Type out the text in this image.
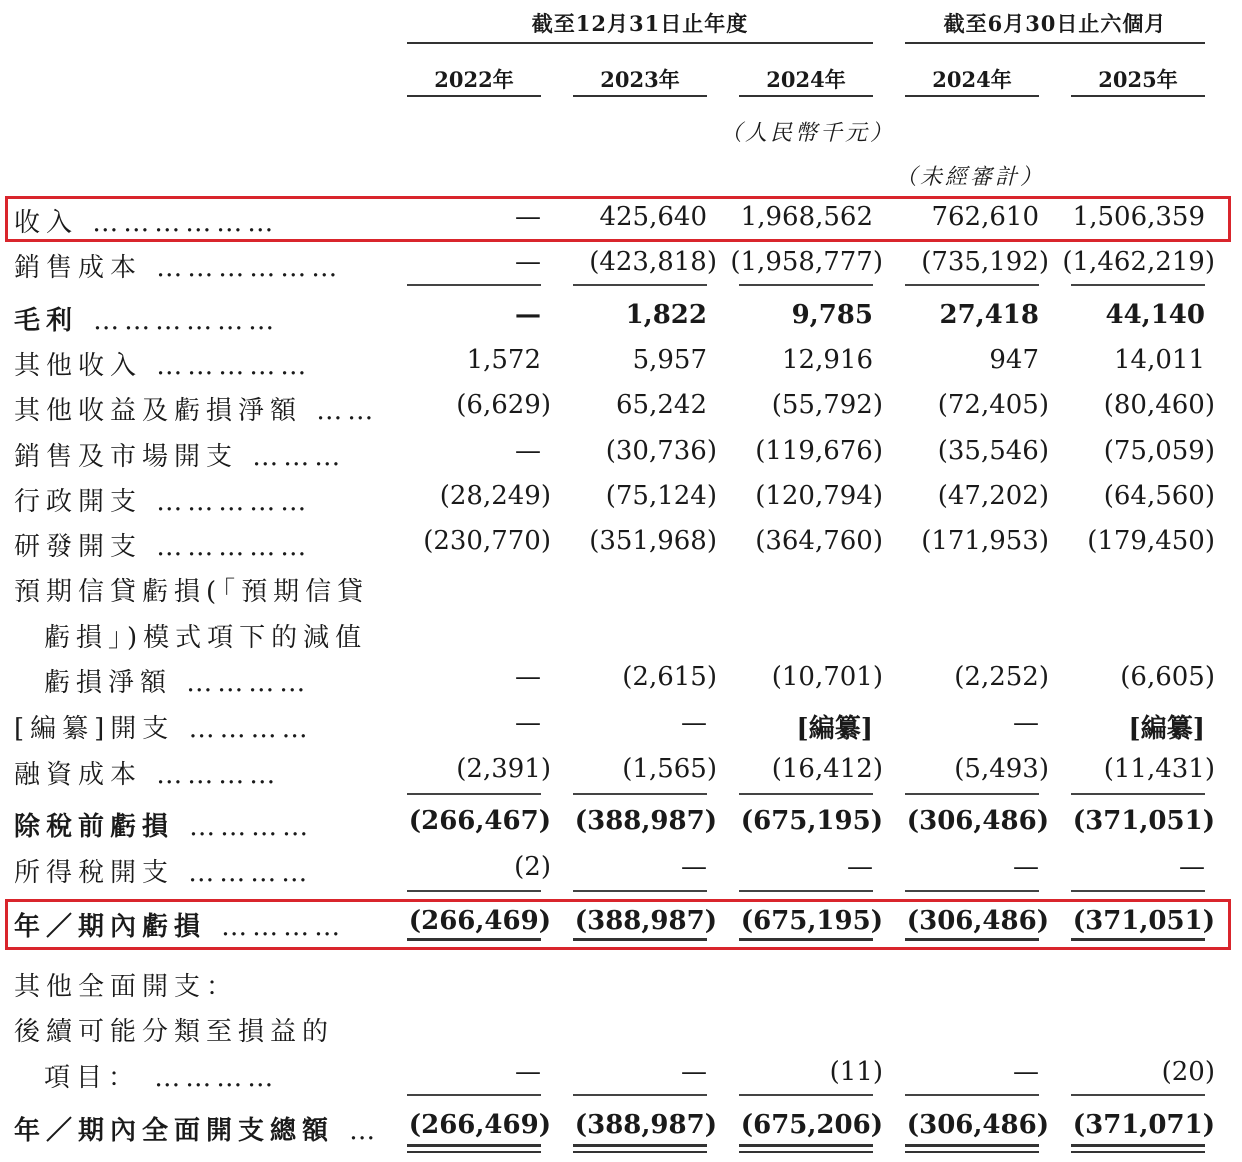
截至12月31日止年度	截至6月30日止六個月
2022年	2023年	2024年	2024年	2025年
（人民幣千元）
（未經審計）
收入 ………………	—	425,640	1,968,562	762,610	1,506,359
銷售成本 ………………	—	(423,818) (1,958,777)	(735,192) (1,462,219)
毛利 ………………	—	1,822	9,785	27,418	44,140
其他收入 ……………	1,572	5,957	12,916	947	14,011
其他收益及虧損淨額 ……	(6,629)	65,242	(55,792)	(72,405)	(80,460)
銷售及市場開支 ………	—	(30,736)	(119,676)	(35,546)	(75,059)
行政開支 ……………	(28,249)	(75,124)	(120,794)	(47,202)	(64,560)
研發開支 ……………	(230,770)	(351,968)	(364,760)	(171,953)	(179,450)
預期信貸虧損(「預期信貸
虧損」)模式項下的減值
虧損淨額 …………	—	(2,615)	(10,701)	(2,252)	(6,605)
[編纂]開支 …………	—	—	[編纂]	—	[編纂]
融資成本 …………	(2,391)	(1,565)	(16,412)	(5,493)	(11,431)
除稅前虧損 …………	(266,467) (388,987) (675,195) (306,486) (371,051)
所得稅開支 …………	(2)	—	—	—	—
年／期內虧損 …………	(266,469) (388,987) (675,195) (306,486) (371,051)
其他全面開支：
後續可能分類至損益的
項目： …………	—	—	(11)	—	(20)
年／期內全面開支總額 …	(266,469) (388,987) (675,206) (306,486) (371,071)
